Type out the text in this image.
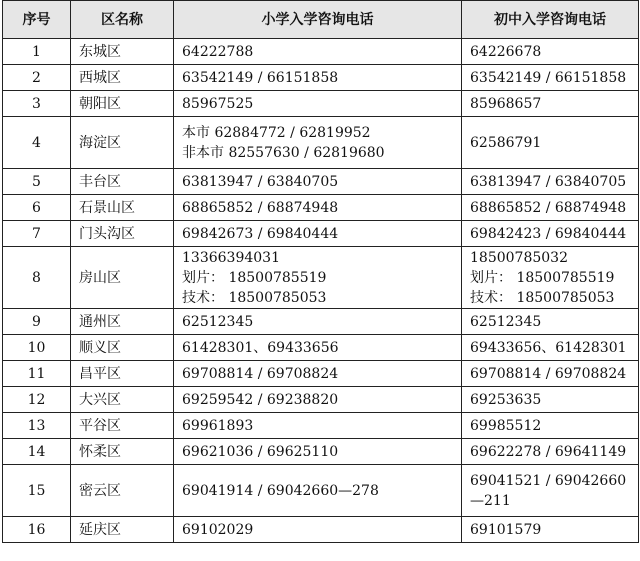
序号	区名称	小学入学咨询电话	初中入学咨询电话
1	东城区	64222788	64226678

2	西城区	63542149 / 66151858	63542149 / 66151858

3	朝阳区	85967525	85968657

4	海淀区	本市 62884772 / 62819952
非本市 82557630 / 62819680	62586791

5	丰台区	63813947 / 63840705	63813947 / 63840705

6	石景山区	68865852 / 68874948	68865852 / 68874948

7	门头沟区	69842673 / 69840444	69842423 / 69840444

8	房山区	13366394031
划片： 18500785519
技术： 18500785053	18500785032
划片： 18500785519
技术： 18500785053

9	通州区	62512345	62512345

10	顺义区	61428301、69433656	69433656、61428301

11	昌平区	69708814 / 69708824	69708814 / 69708824

12	大兴区	69259542 / 69238820	69253635

13	平谷区	69961893	69985512

14	怀柔区	69621036 / 69625110	69622278 / 69641149

15	密云区	69041914 / 69042660—278	69041521 / 69042660
—211

16	延庆区	69102029	69101579
